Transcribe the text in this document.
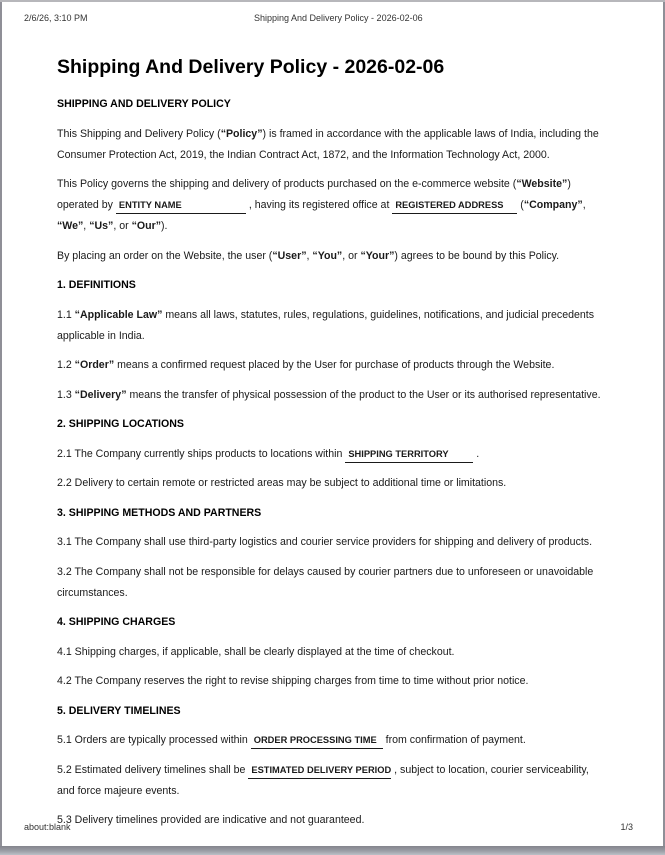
2/6/26, 3:10 PM	Shipping And Delivery Policy - 2026-02-06
Shipping And Delivery Policy - 2026-02-06
SHIPPING AND DELIVERY POLICY

This Shipping and Delivery Policy (“Policy”) is framed in accordance with the applicable laws of India, including the Consumer Protection Act, 2019, the Indian Contract Act, 1872, and the Information Technology Act, 2000.

This Policy governs the shipping and delivery of products purchased on the e-commerce website (“Website”) operated by ENTITY NAME	, having its registered office at REGISTERED ADDRESS (“Company”, “We”, “Us”, or “Our”).

By placing an order on the Website, the user (“User”, “You”, or “Your”) agrees to be bound by this Policy.

1. DEFINITIONS

1.1 “Applicable Law” means all laws, statutes, rules, regulations, guidelines, notifications, and judicial precedents applicable in India.

1.2 “Order” means a confirmed request placed by the User for purchase of products through the Website.

1.3 “Delivery” means the transfer of physical possession of the product to the User or its authorised representative.

2. SHIPPING LOCATIONS

2.1 The Company currently ships products to locations within SHIPPING TERRITORY .

2.2 Delivery to certain remote or restricted areas may be subject to additional time or limitations.

3. SHIPPING METHODS AND PARTNERS

3.1 The Company shall use third-party logistics and courier service providers for shipping and delivery of products.

3.2 The Company shall not be responsible for delays caused by courier partners due to unforeseen or unavoidable circumstances.

4. SHIPPING CHARGES

4.1 Shipping charges, if applicable, shall be clearly displayed at the time of checkout.

4.2 The Company reserves the right to revise shipping charges from time to time without prior notice.

5. DELIVERY TIMELINES

5.1 Orders are typically processed within ORDER PROCESSING TIME from confirmation of payment.

5.2 Estimated delivery timelines shall be ESTIMATED DELIVERY PERIOD , subject to location, courier serviceability, and force majeure events.

5.3 Delivery timelines provided are indicative and not guaranteed.

about:blank	1/3
